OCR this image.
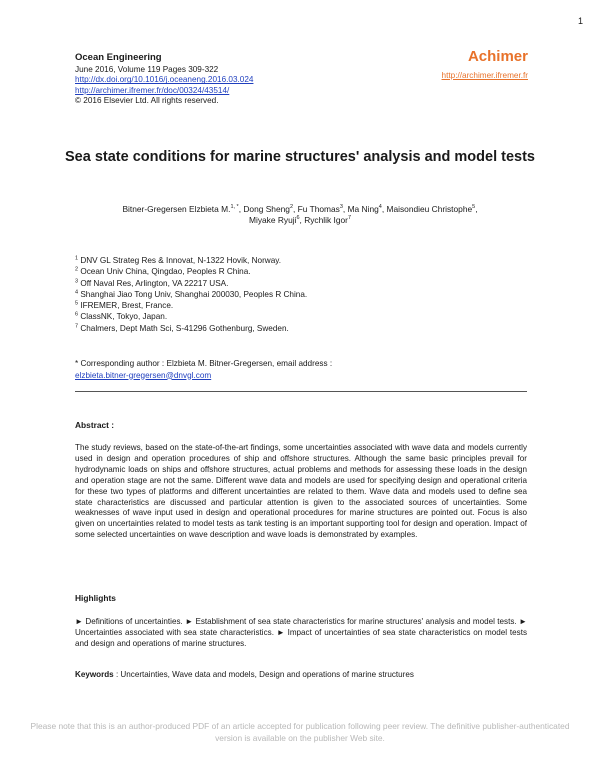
1
Ocean Engineering
June 2016, Volume 119 Pages 309-322
http://dx.doi.org/10.1016/j.oceaneng.2016.03.024
http://archimer.ifremer.fr/doc/00324/43514/
© 2016 Elsevier Ltd. All rights reserved.
Achimer
http://archimer.ifremer.fr
Sea state conditions for marine structures' analysis and model tests
Bitner-Gregersen Elzbieta M.$^{1, *}$, Dong Sheng$^2$, Fu Thomas$^3$, Ma Ning$^4$, Maisondieu Christophe$^5$,
Miyake Ryuji$^6$, Rychlik Igor$^7$
$^1$ DNV GL Strateg Res & Innovat, N-1322 Hovik, Norway.
$^2$ Ocean Univ China, Qingdao, Peoples R China.
$^3$ Off Naval Res, Arlington, VA 22217 USA.
$^4$ Shanghai Jiao Tong Univ, Shanghai 200030, Peoples R China.
$^5$ IFREMER, Brest, France.
$^6$ ClassNK, Tokyo, Japan.
$^7$ Chalmers, Dept Math Sci, S-41296 Gothenburg, Sweden.
* Corresponding author : Elzbieta M. Bitner-Gregersen, email address :
elzbieta.bitner-gregersen@dnvgl.com
Abstract :
The study reviews, based on the state-of-the-art findings, some uncertainties associated with wave data and models currently used in design and operation procedures of ship and offshore structures. Although the same basic principles prevail for hydrodynamic loads on ships and offshore structures, actual problems and methods for assessing these loads in the design and operation stage are not the same. Different wave data and models are used for specifying design and operational criteria for these two types of platforms and different uncertainties are related to them. Wave data and models used to define sea state characteristics are discussed and particular attention is given to the associated sources of uncertainties. Some weaknesses of wave input used in design and operational procedures for marine structures are pointed out. Focus is also given on uncertainties related to model tests as tank testing is an important supporting tool for design and operation. Impact of some selected uncertainties on wave description and wave loads is demonstrated by examples.
Highlights
► Definitions of uncertainties. ► Establishment of sea state characteristics for marine structures' analysis and model tests. ► Uncertainties associated with sea state characteristics. ► Impact of uncertainties of sea state characteristics on model tests and design and operations of marine structures.
Keywords : Uncertainties, Wave data and models, Design and operations of marine structures
Please note that this is an author-produced PDF of an article accepted for publication following peer review. The definitive publisher-authenticated version is available on the publisher Web site.
